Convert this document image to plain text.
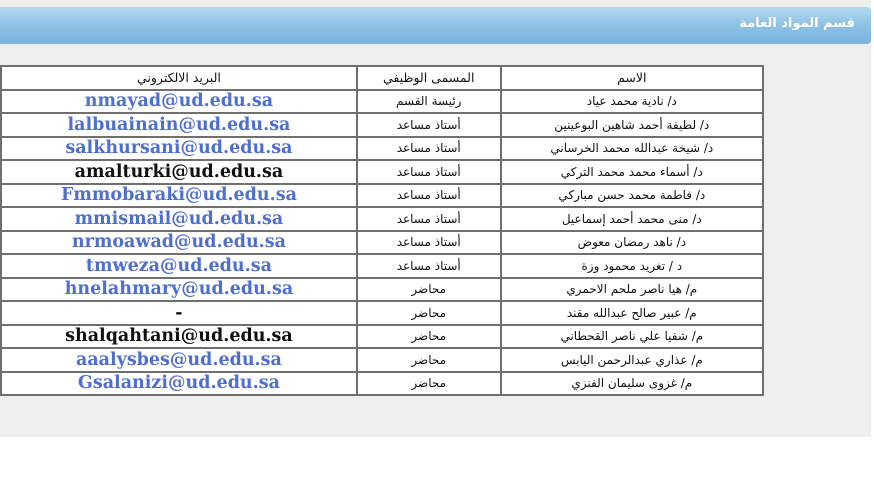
قسم المواد العامة
البريد الالكتروني	المسمى الوظيفي	الاسم
nmayad@ud.edu.sa	رئيسة القسم	د/ نادية محمد عياد
lalbuainain@ud.edu.sa	أستاذ مساعد	د/ لطيفة أحمد شاهين البوعينين
salkhursani@ud.edu.sa	أستاذ مساعد	د/ شيخة عبدالله محمد الخرساني
amalturki@ud.edu.sa	أستاذ مساعد	د/ أسماء محمد محمد التركي
Fmmobaraki@ud.edu.sa	أستاذ مساعد	د/ فاطمة محمد حسن مباركي
mmismail@ud.edu.sa	أستاذ مساعد	د/ منى محمد أحمد إسماعيل
nrmoawad@ud.edu.sa	أستاذ مساعد	د/ ناهد رمضان معوض
tmweza@ud.edu.sa	أستاذ مساعد	د / تغريد محمود وزة
hnelahmary@ud.edu.sa	محاضر	م/ هيا ناصر ملحم الاحمري
-	محاضر	م/ عبير صالح عبدالله مقند
shalqahtani@ud.edu.sa	محاضر	م/ شفيا علي ناصر القحطاني
aaalysbes@ud.edu.sa	محاضر	م/ عذاري عبدالرحمن اليابس
Gsalanizi@ud.edu.sa	محاضر	م/ غزوى سليمان الفنزي
